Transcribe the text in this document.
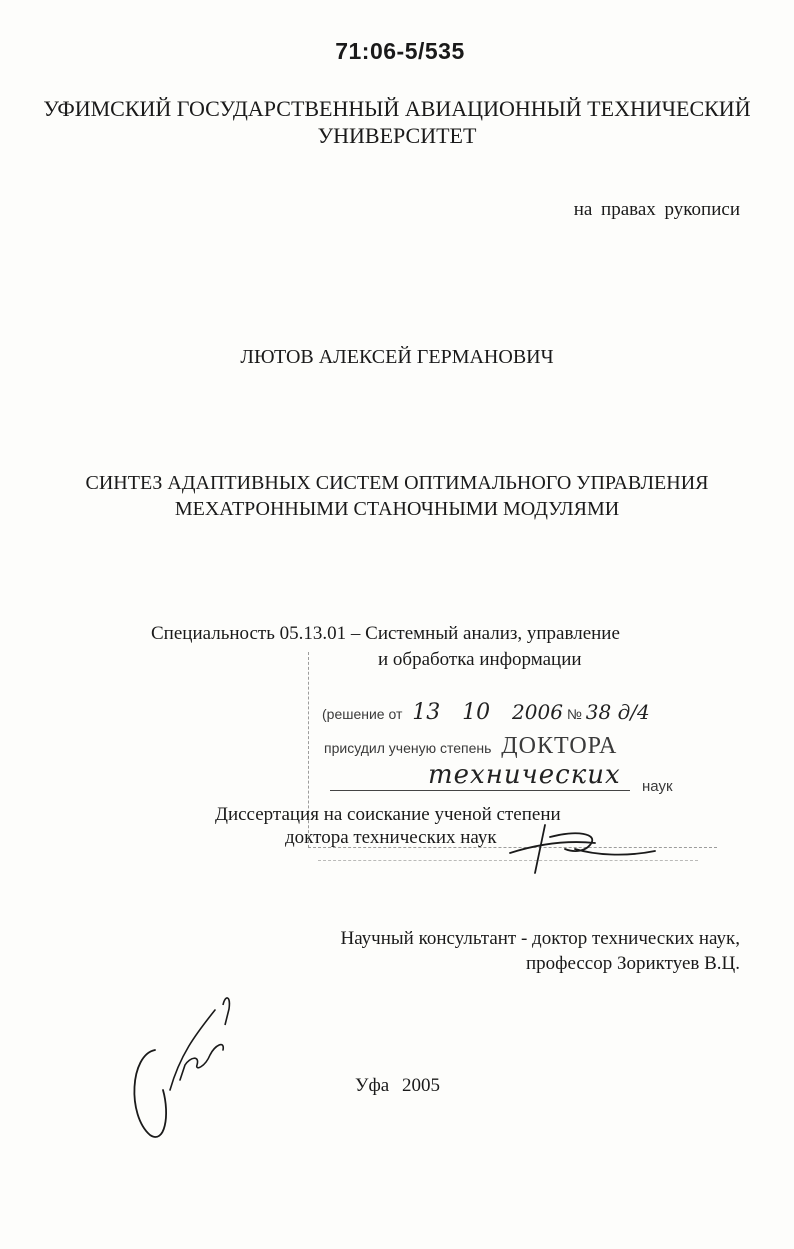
71:06-5/535
УФИМСКИЙ ГОСУДАРСТВЕННЫЙ АВИАЦИОННЫЙ ТЕХНИЧЕСКИЙ
УНИВЕРСИТЕТ
на правах рукописи
ЛЮТОВ АЛЕКСЕЙ ГЕРМАНОВИЧ
СИНТЕЗ АДАПТИВНЫХ СИСТЕМ ОПТИМАЛЬНОГО УПРАВЛЕНИЯ
МЕХАТРОННЫМИ СТАНОЧНЫМИ МОДУЛЯМИ
Специальность 05.13.01 – Системный анализ, управление
и обработка информации
(решение от 13 10 2006 № 38 д/4
присудил ученую степень ДОКТОРА
технических наук
Диссертация на соискание ученой степени
доктора технических наук
Научный консультант - доктор технических наук,
профессор Зориктуев В.Ц.
Уфа 2005
